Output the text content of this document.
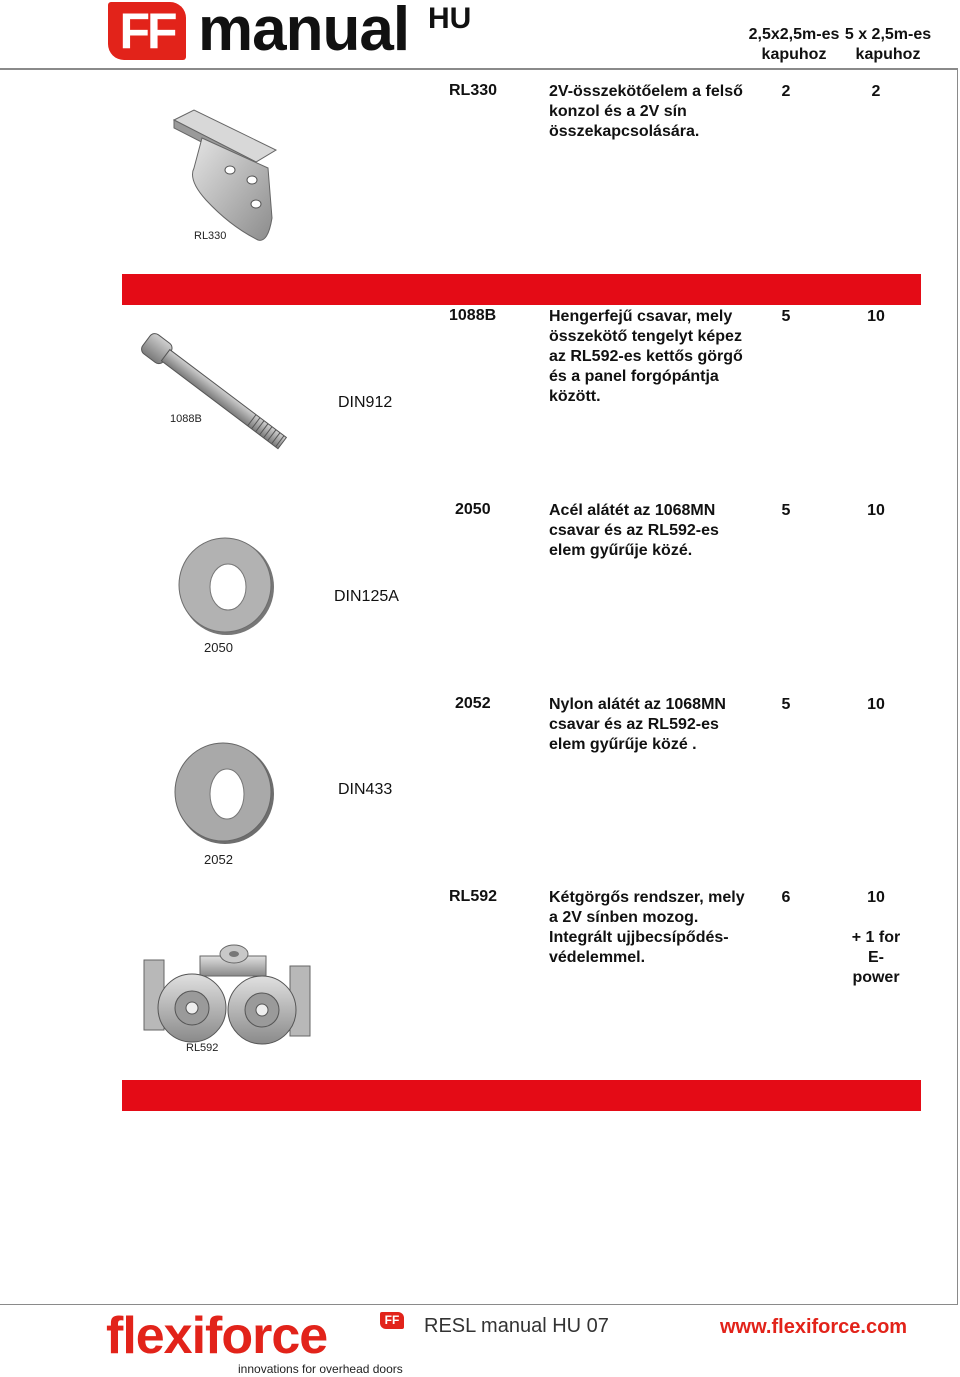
FF manual HU	2,5x2,5m-es
kapuhoz
5 x 2,5m-es
kapuhoz
RL330	2V-összekötőelem a felső
konzol és a 2V sín
összekapcsolására.
2	2
RL330
1088B	Hengerfejű csavar, mely
összekötő tengelyt képez
az RL592-es kettős görgő
és a panel forgópántja
között.
5	10
DIN912
1088B
2050	Acél alátét az 1068MN
csavar és az RL592-es
elem gyűrűje közé.
5	10
DIN125A
2050
2052	Nylon alátét az 1068MN
csavar és az RL592-es
elem gyűrűje közé .
5	10
DIN433
2052
RL592	Kétgörgős rendszer, mely
a 2V sínben mozog.
Integrált ujjbecsípődés-
védelemmel.
6	10
+ 1 for
E-power
RL592
flexiforce	FF
innovations for overhead doors
RESL manual HU 07	www.flexiforce.com
